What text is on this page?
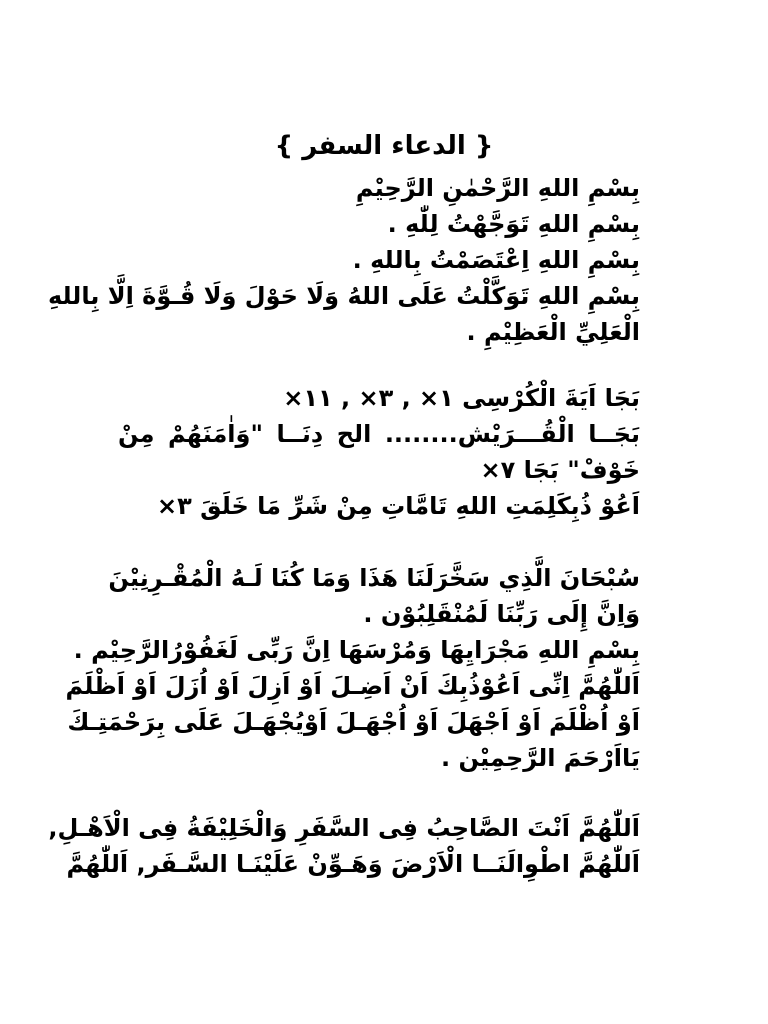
{ الدعاء السفر }
بِسْمِ اللهِ الرَّحْمٰنِ الرَّحِيْمِ
بِسْمِ اللهِ تَوَجَّهْتُ لِلّٰهِ .
بِسْمِ اللهِ اِعْتَصَمْتُ بِاللهِ .
بِسْمِ اللهِ تَوَكَّلْتُ عَلَى اللهُ وَلَا حَوْلَ وَلَا قُـوَّةَ اِلَّا بِاللهِ
الْعَلِيِّ الْعَظِيْمِ .
بَجَا اَيَةَ الْكُرْسِى ١× , ٣× , ١١×
بَجَــا الْقُـــرَيْش........ الح دِنَــا "وَاٰمَنَهُمْ مِنْ
خَوْفْ" بَجَا ٧×
اَعُوْ ذُبِكَلِمَتِ اللهِ تَامَّاتِ مِنْ شَرِّ مَا خَلَقَ ٣×
سُبْحَانَ الَّذِي سَخَّرَلَنَا هَذَا وَمَا كُنَا لَـهُ الْمُقْـرِنِيْنَ
وَاِنَّ إِلَى رَبِّنَا لَمُنْقَلِبُوْن .
بِسْمِ اللهِ مَجْرَايِهَا وَمُرْسَهَا اِنَّ رَبِّى لَغَفُوْرُالرَّحِيْم .
اَللّٰهُمَّ اِنِّى اَعُوْذُبِكَ اَنْ اَضِـلَ اَوْ اَزِلَ اَوْ اُزَلَ اَوْ اَظْلَمَ
اَوْ اُظْلَمَ اَوْ اَجْهَلَ اَوْ اُجْهَـلَ اَوْيُجْهَـلَ عَلَى بِرَحْمَتِـكَ
يَااَرْحَمَ الرَّحِمِيْن .
اَللّٰهُمَّ اَنْتَ الصَّاحِبُ فِى السَّفَرِ وَالْخَلِيْفَةُ فِى الْاَهْـلِ,
اَللّٰهُمَّ اطْوِالَنَــا الْاَرْضَ وَهَـوِّنْ عَلَيْنَـا السَّـفَر, اَللّٰهُمَّ
